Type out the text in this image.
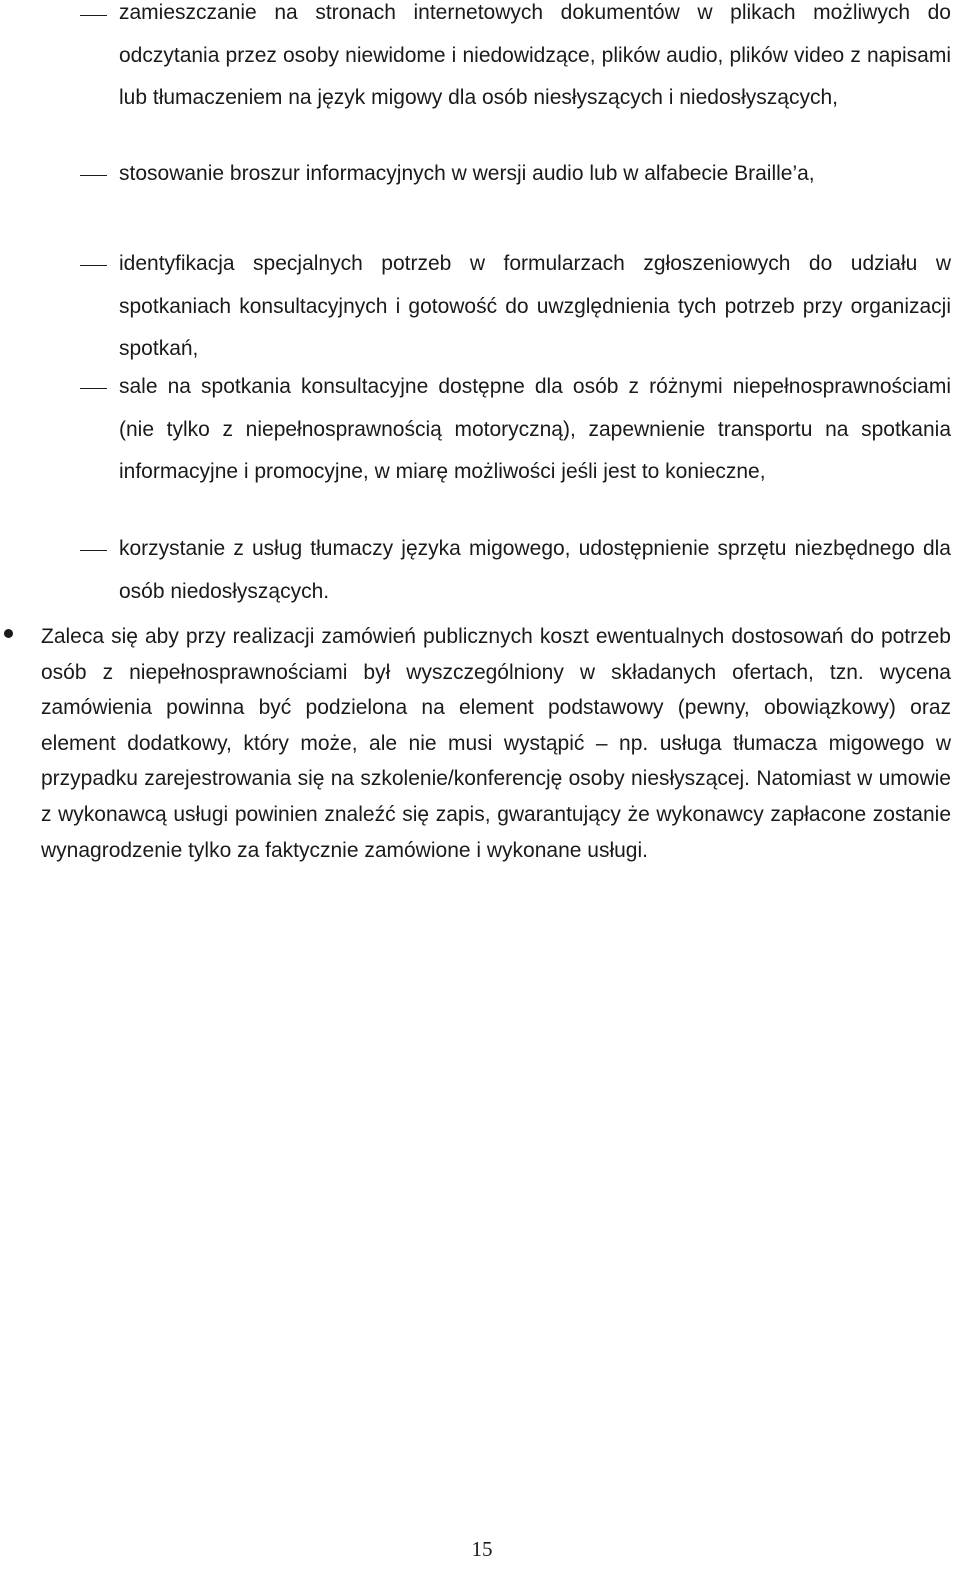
zamieszczanie na stronach internetowych dokumentów w plikach możliwych do odczytania przez osoby niewidome i niedowidzące, plików audio, plików video z napisami lub tłumaczeniem na język migowy dla osób niesłyszących i niedosłyszących,

stosowanie broszur informacyjnych w wersji audio lub w alfabecie Braille’a,

identyfikacja specjalnych potrzeb w formularzach zgłoszeniowych do udziału w spotkaniach konsultacyjnych i gotowość do uwzględnienia tych potrzeb przy organizacji spotkań,

sale na spotkania konsultacyjne dostępne dla osób z różnymi niepełnosprawnościami (nie tylko z niepełnosprawnością motoryczną), zapewnienie transportu na spotkania informacyjne i promocyjne, w miarę możliwości jeśli jest to konieczne,

korzystanie z usług tłumaczy języka migowego, udostępnienie sprzętu niezbędnego dla osób niedosłyszących.

Zaleca się aby przy realizacji zamówień publicznych koszt ewentualnych dostosowań do potrzeb osób z niepełnosprawnościami był wyszczególniony w składanych ofertach, tzn. wycena zamówienia powinna być podzielona na element podstawowy (pewny, obowiązkowy) oraz element dodatkowy, który może, ale nie musi wystąpić – np. usługa tłumacza migowego w przypadku zarejestrowania się na szkolenie/konferencję osoby niesłyszącej. Natomiast w umowie z wykonawcą usługi powinien znaleźć się zapis, gwarantujący że wykonawcy zapłacone zostanie wynagrodzenie tylko za faktycznie zamówione i wykonane usługi.

15
